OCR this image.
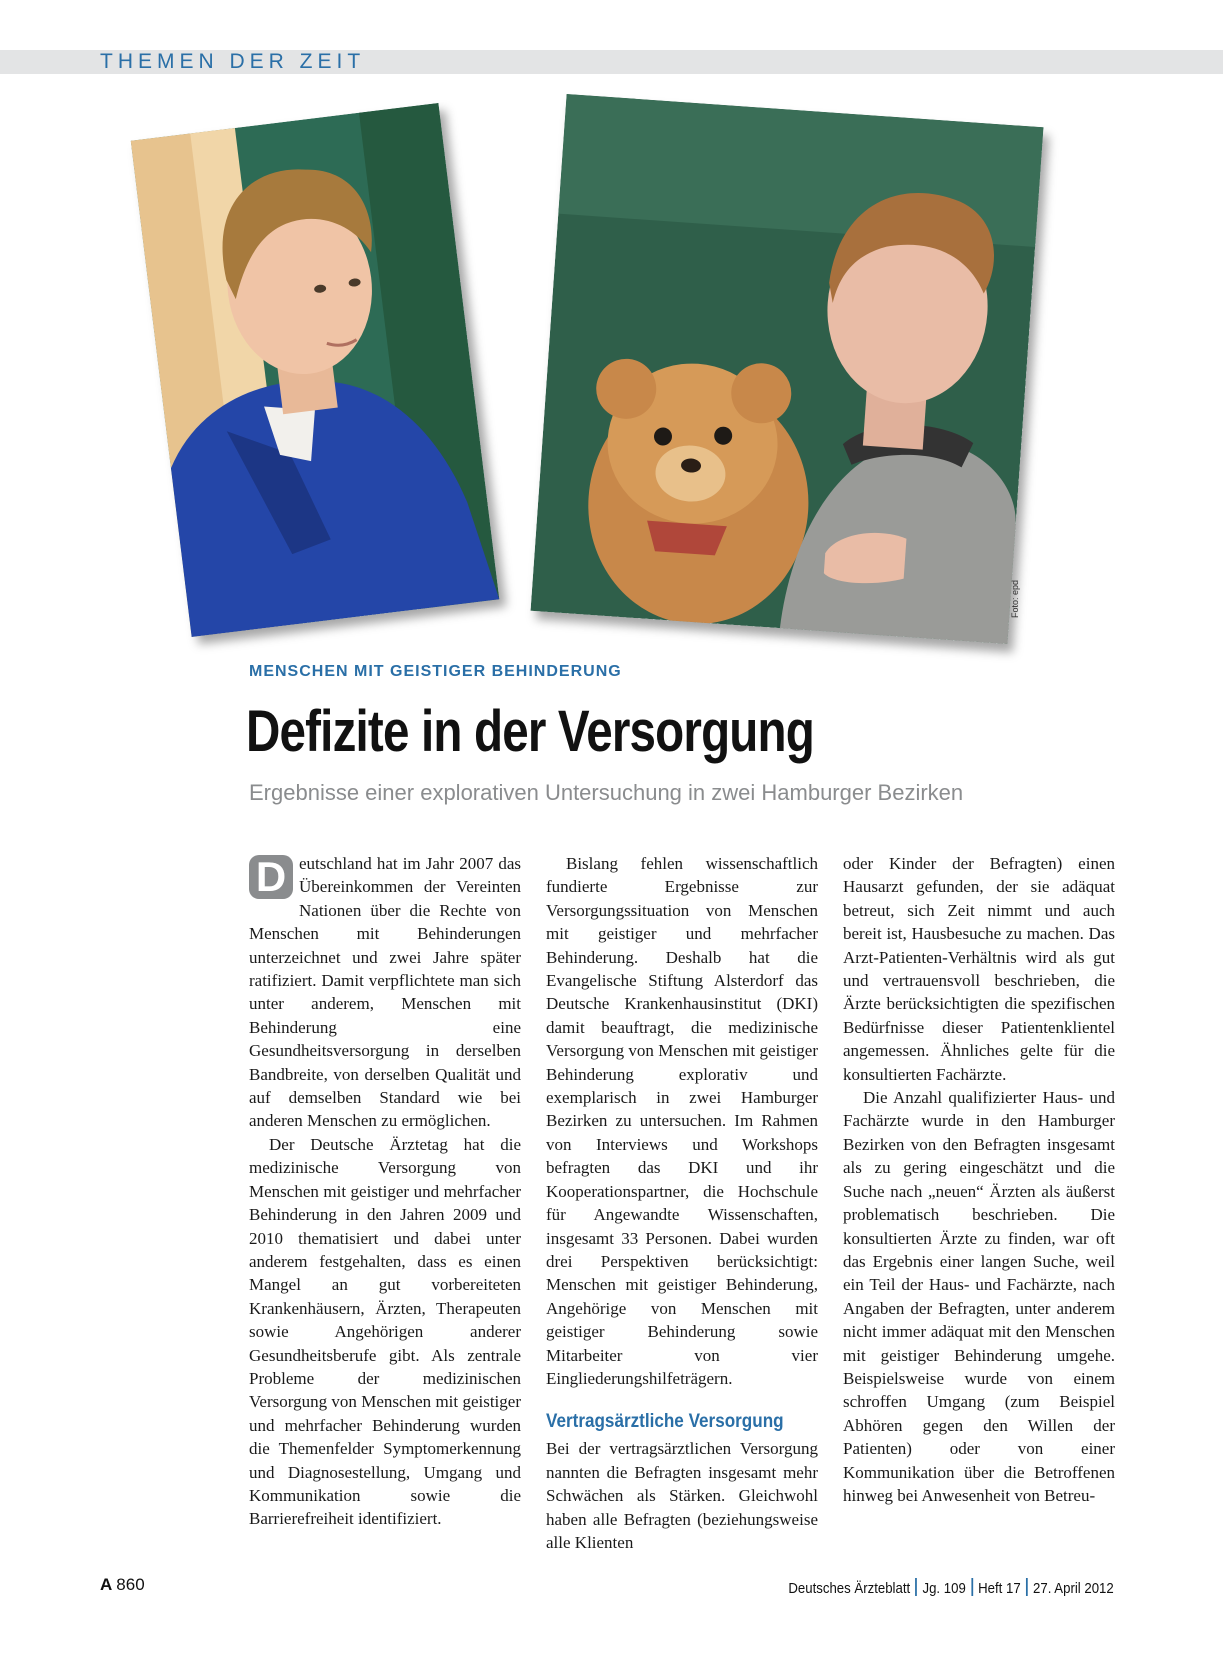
THEMEN DER ZEIT
Foto: epd
MENSCHEN MIT GEISTIGER BEHINDERUNG
Defizite in der Versorgung
Ergebnisse einer explorativen Untersuchung in zwei Hamburger Bezirken

D eutschland hat im Jahr 2007 das Übereinkommen der Vereinten Nationen über die Rechte von Menschen mit Behinderungen unterzeichnet und zwei Jahre später ratifiziert. Damit verpflichtete man sich unter anderem, Menschen mit Behinderung eine Gesundheitsversorgung in derselben Bandbreite, von derselben Qualität und auf demselben Standard wie bei anderen Menschen zu ermöglichen.

Der Deutsche Ärztetag hat die medizinische Versorgung von Menschen mit geistiger und mehrfacher Behinderung in den Jahren 2009 und 2010 thematisiert und dabei unter anderem festgehalten, dass es einen Mangel an gut vorbereiteten Krankenhäusern, Ärzten, Therapeuten sowie Angehörigen anderer Gesundheitsberufe gibt. Als zentrale Probleme der medizinischen Versorgung von Menschen mit geistiger und mehrfacher Behinderung wurden die Themenfelder Symptomerkennung und Diagnosestellung, Umgang und Kommunikation sowie die Barrierefreiheit identifiziert.

Bislang fehlen wissenschaftlich fundierte Ergebnisse zur Versorgungssituation von Menschen mit geistiger und mehrfacher Behinderung. Deshalb hat die Evangelische Stiftung Alsterdorf das Deutsche Krankenhausinstitut (DKI) damit beauftragt, die medizinische Versorgung von Menschen mit geistiger Behinderung explorativ und exemplarisch in zwei Hamburger Bezirken zu untersuchen. Im Rahmen von Interviews und Workshops befragten das DKI und ihr Kooperationspartner, die Hochschule für Angewandte Wissenschaften, insgesamt 33 Personen. Dabei wurden drei Perspektiven berücksichtigt: Menschen mit geistiger Behinderung, Angehörige von Menschen mit geistiger Behinderung sowie Mitarbeiter von vier Eingliederungshilfeträgern.

Vertragsärztliche Versorgung

Bei der vertragsärztlichen Versorgung nannten die Befragten insgesamt mehr Schwächen als Stärken. Gleichwohl haben alle Befragten (beziehungsweise alle Klienten

oder Kinder der Befragten) einen Hausarzt gefunden, der sie adäquat betreut, sich Zeit nimmt und auch bereit ist, Hausbesuche zu machen. Das Arzt-Patienten-Verhältnis wird als gut und vertrauensvoll beschrieben, die Ärzte berücksichtigten die spezifischen Bedürfnisse dieser Patientenklientel angemessen. Ähnliches gelte für die konsultierten Fachärzte.

Die Anzahl qualifizierter Haus- und Fachärzte wurde in den Hamburger Bezirken von den Befragten insgesamt als zu gering eingeschätzt und die Suche nach „neuen“ Ärzten als äußerst problematisch beschrieben. Die konsultierten Ärzte zu finden, war oft das Ergebnis einer langen Suche, weil ein Teil der Haus- und Fachärzte, nach Angaben der Befragten, unter anderem nicht immer adäquat mit den Menschen mit geistiger Behinderung umgehe. Beispielsweise wurde von einem schroffen Umgang (zum Beispiel Abhören gegen den Willen der Patienten) oder von einer Kommunikation über die Betroffenen hinweg bei Anwesenheit von Betreu-

A 860	Deutsches Ärzteblatt Jg. 109 Heft 17 27. April 2012
